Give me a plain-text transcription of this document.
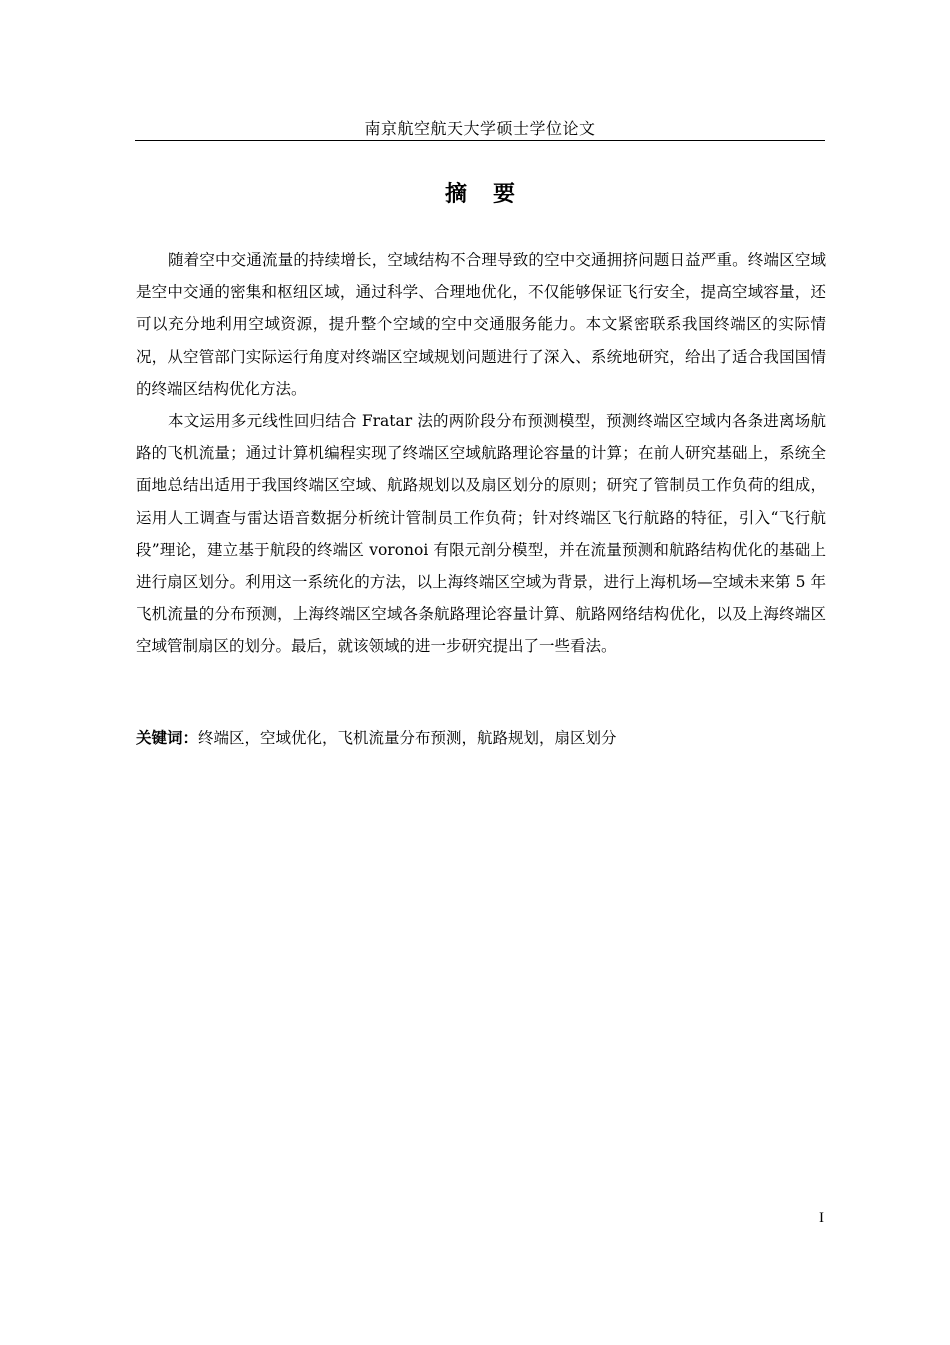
南京航空航天大学硕士学位论文
摘要

随着空中交通流量的持续增长，空域结构不合理导致的空中交通拥挤问题日益严重。终端区空域是空中交通的密集和枢纽区域，通过科学、合理地优化，不仅能够保证飞行安全，提高空域容量，还可以充分地利用空域资源，提升整个空域的空中交通服务能力。本文紧密联系我国终端区的实际情况，从空管部门实际运行角度对终端区空域规划问题进行了深入、系统地研究，给出了适合我国国情的终端区结构优化方法。

本文运用多元线性回归结合 Fratar 法的两阶段分布预测模型，预测终端区空域内各条进离场航路的飞机流量；通过计算机编程实现了终端区空域航路理论容量的计算；在前人研究基础上，系统全面地总结出适用于我国终端区空域、航路规划以及扇区划分的原则；研究了管制员工作负荷的组成，运用人工调查与雷达语音数据分析统计管制员工作负荷；针对终端区飞行航路的特征，引入“飞行航段”理论，建立基于航段的终端区 voronoi 有限元剖分模型，并在流量预测和航路结构优化的基础上进行扇区划分。利用这一系统化的方法，以上海终端区空域为背景，进行上海机场—空域未来第 5 年飞机流量的分布预测，上海终端区空域各条航路理论容量计算、航路网络结构优化，以及上海终端区空域管制扇区的划分。最后，就该领域的进一步研究提出了一些看法。

关键词：终端区，空域优化，飞机流量分布预测，航路规划，扇区划分
I
